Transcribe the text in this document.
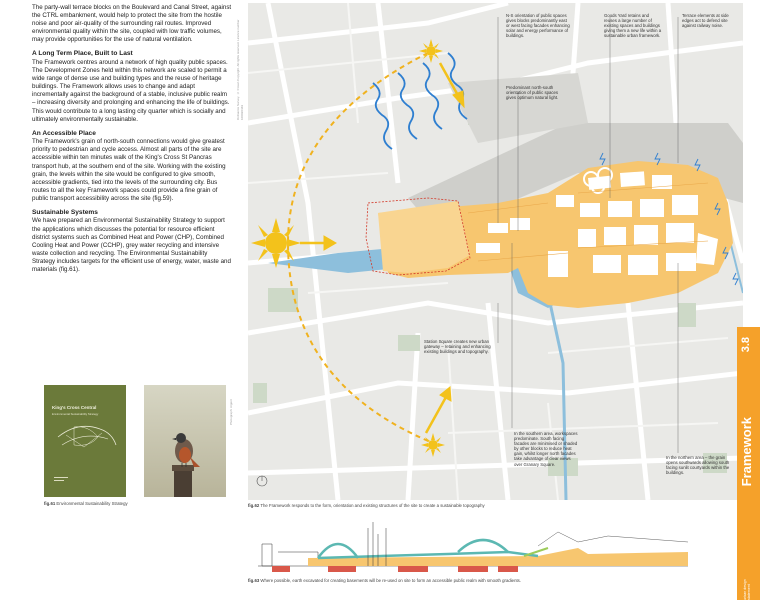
The party-wall terrace blocks on the Boulevard and Canal Street, against the CTRL embankment, would help to protect the site from the hostile noise and poor air-quality of the surrounding rail routes. Improved environmental quality within the site, coupled with low traffic volumes, may provide opportunities for the use of natural ventilation.

A Long Term Place, Built to Last

The Framework centres around a network of high quality public spaces. The Development Zones held within this network are scaled to permit a wide range of dense use and building types and the reuse of heritage buildings. The Framework allows uses to change and adapt incrementally against the background of a stable, inclusive public realm – increasing diversity and prolonging and enhancing the life of buildings. This would contribute to a long lasting city quarter which is socially and ultimately environmentally sustainable.

An Accessible Place

The Framework's grain of north-south connections would give greatest priority to pedestrian and cycle access. Almost all parts of the site are accessible within ten minutes walk of the King's Cross St Pancras transport hub, at the southern end of the site. Working with the existing grain, the levels within the site would be configured to give smooth, accessible gradients, tied into the levels of the surrounding city. Bus routes to all the key Framework spaces could provide a fine grain of public transport accessibility across the site (fig.59).

Sustainable Systems

We have prepared an Environmental Sustainability Strategy to support the applications which discusses the potential for resource efficient district systems such as Combined Heat and Power (CHP), Combined Cooling Heat and Power (CCHP), grey water recycling and intensive waste collection and recycling. The Environmental Sustainability Strategy includes targets for the efficient use of energy, water, waste and materials (fig.61).

Ordnance Survey. © Crown Copyright. All rights reserved. Licence number 100020449
Photograph: Argent
King's Cross Central
Environmental Sustainability Strategy
fig.61 Environmental Sustainability Strategy
N-S orientation of public spaces gives blocks predominantly east or west facing facades enhancing solar and energy performance of buildings.
Predominant north-south orientation of public spaces gives optimum natural light.
Goods Yard retains and reuses a large number of existing spaces and buildings giving them a new life within a sustainable urban framework.
Terrace elements at side edges act to defend site against railway noise.
Station Square creates new urban gateway – retaining and enhancing existing buildings and topography.
In the southern area, workspaces predominate. South facing facades are minimised or shaded by other blocks to reduce heat gain, whilst longer north facades take advantage of clear views over Granary Square.
In the northern area – the grain opens southwards allowing south facing sunlit courtyards within the buildings.
fig.62 The Framework responds to the form, orientation and existing structures of the site to create a sustainable topography
fig.63 Where possible, earth excavated for creating basements will be re-used on site to form an accessible public realm with smooth gradients.
3.8
Framework
urban design statement
